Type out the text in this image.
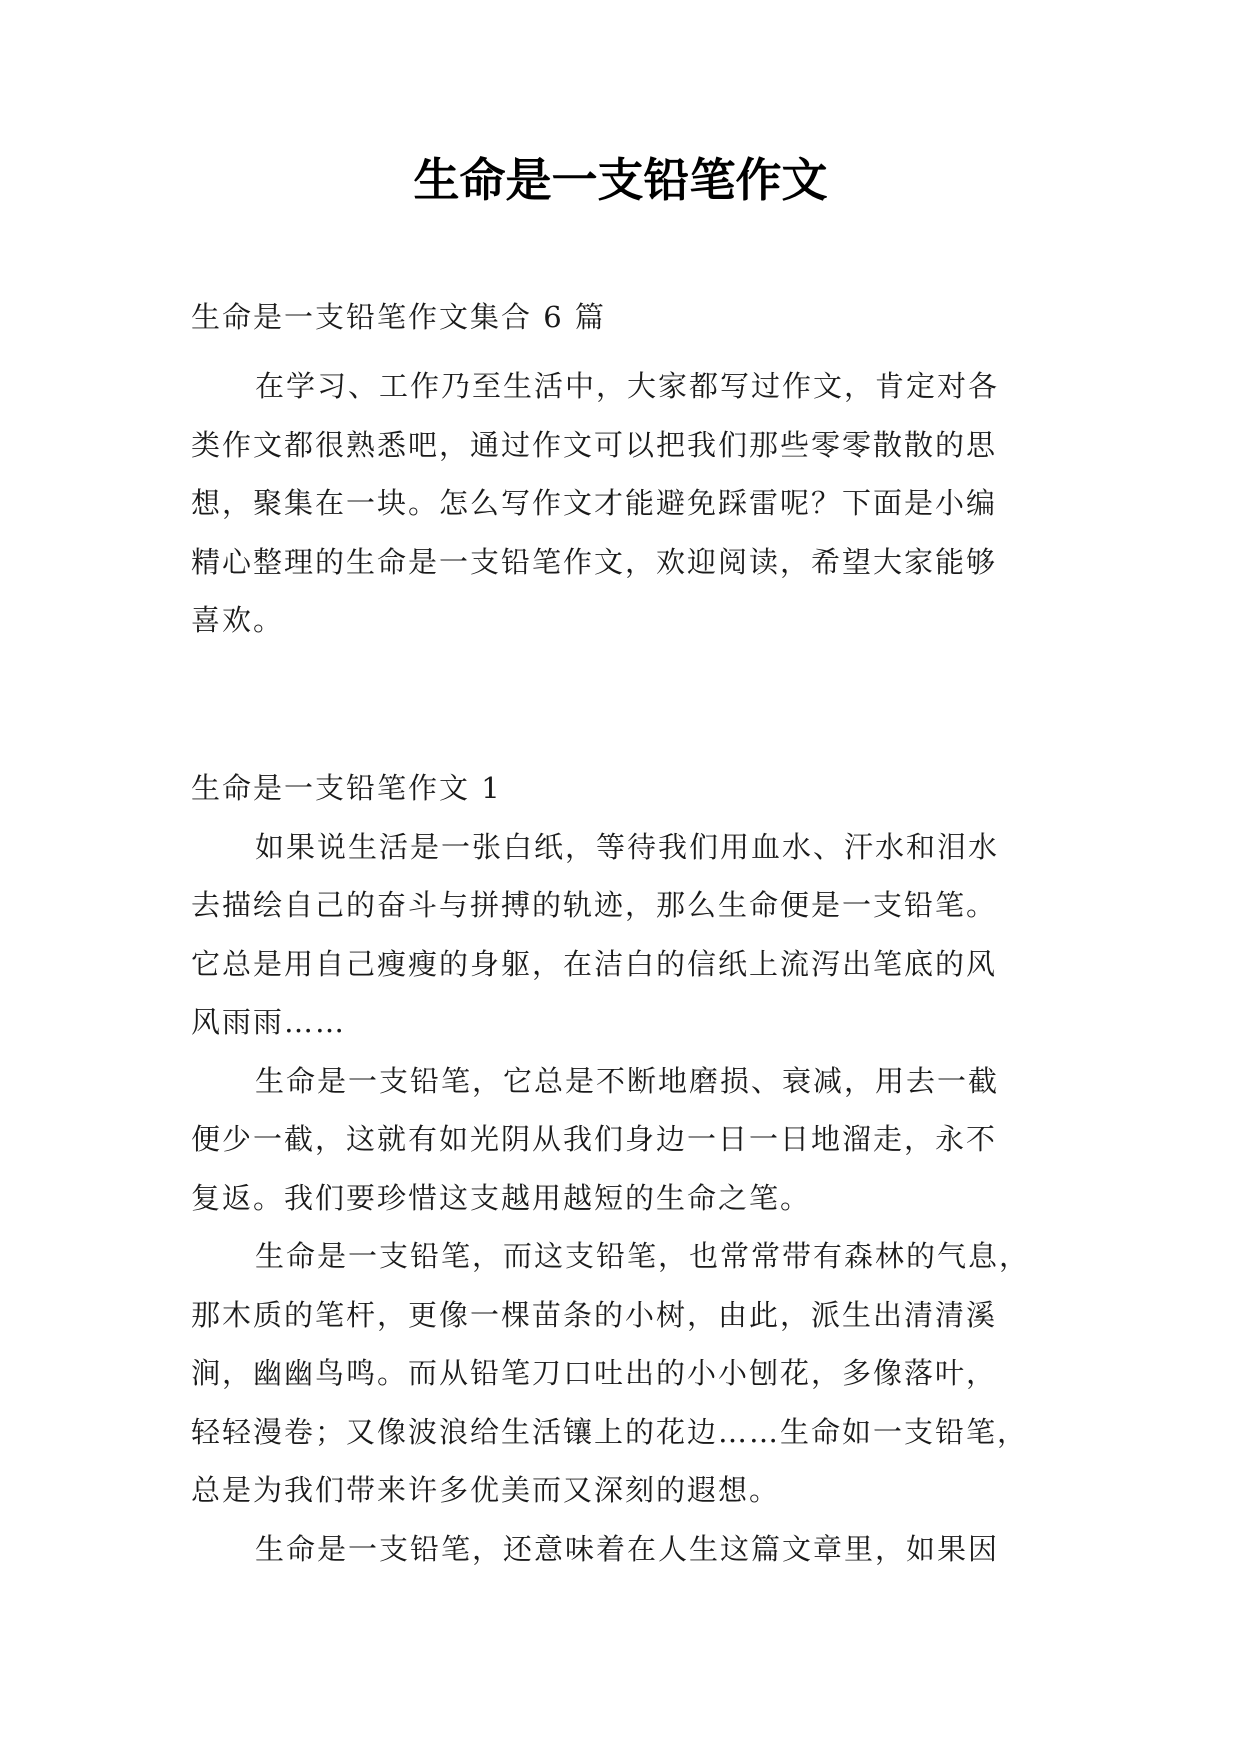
生命是一支铅笔作文
生命是一支铅笔作文集合 6 篇
在学习、工作乃至生活中，大家都写过作文，肯定对各
类作文都很熟悉吧，通过作文可以把我们那些零零散散的思
想，聚集在一块。怎么写作文才能避免踩雷呢？下面是小编
精心整理的生命是一支铅笔作文，欢迎阅读，希望大家能够
喜欢。
生命是一支铅笔作文 1
如果说生活是一张白纸，等待我们用血水、汗水和泪水
去描绘自己的奋斗与拼搏的轨迹，那么生命便是一支铅笔。
它总是用自己瘦瘦的身躯，在洁白的信纸上流泻出笔底的风
风雨雨……
生命是一支铅笔，它总是不断地磨损、衰减，用去一截
便少一截，这就有如光阴从我们身边一日一日地溜走，永不
复返。我们要珍惜这支越用越短的生命之笔。
生命是一支铅笔，而这支铅笔，也常常带有森林的气息，
那木质的笔杆，更像一棵苗条的小树，由此，派生出清清溪
涧，幽幽鸟鸣。而从铅笔刀口吐出的小小刨花，多像落叶，
轻轻漫卷；又像波浪给生活镶上的花边……生命如一支铅笔，
总是为我们带来许多优美而又深刻的遐想。
生命是一支铅笔，还意味着在人生这篇文章里，如果因
